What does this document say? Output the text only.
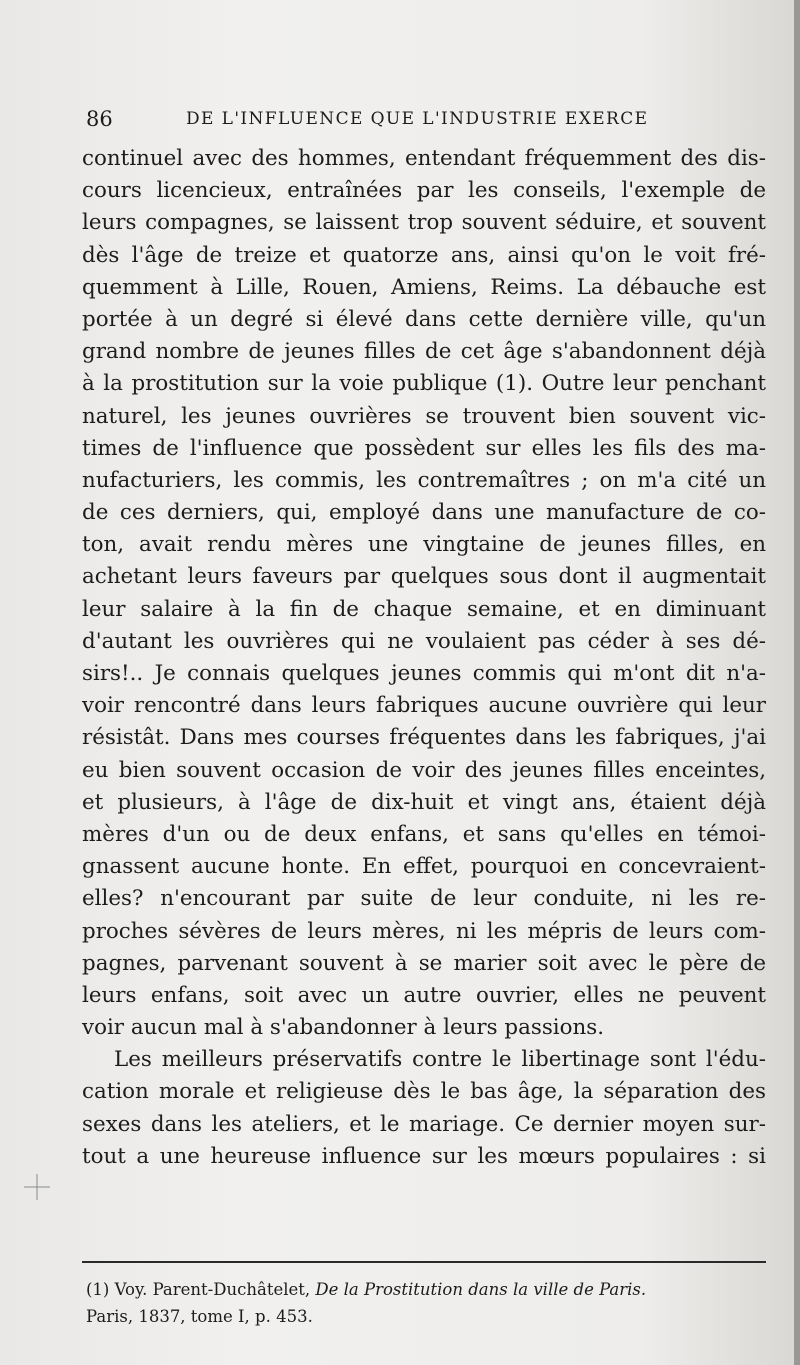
86	DE L'INFLUENCE QUE L'INDUSTRIE EXERCE
continuel avec des hommes, entendant fréquemment des dis-
cours licencieux, entraînées par les conseils, l'exemple de
leurs compagnes, se laissent trop souvent séduire, et souvent
dès l'âge de treize et quatorze ans, ainsi qu'on le voit fré-
quemment à Lille, Rouen, Amiens, Reims. La débauche est
portée à un degré si élevé dans cette dernière ville, qu'un
grand nombre de jeunes filles de cet âge s'abandonnent déjà
à la prostitution sur la voie publique (1). Outre leur penchant
naturel, les jeunes ouvrières se trouvent bien souvent vic-
times de l'influence que possèdent sur elles les fils des ma-
nufacturiers, les commis, les contremaîtres ; on m'a cité un
de ces derniers, qui, employé dans une manufacture de co-
ton, avait rendu mères une vingtaine de jeunes filles, en
achetant leurs faveurs par quelques sous dont il augmentait
leur salaire à la fin de chaque semaine, et en diminuant
d'autant les ouvrières qui ne voulaient pas céder à ses dé-
sirs!.. Je connais quelques jeunes commis qui m'ont dit n'a-
voir rencontré dans leurs fabriques aucune ouvrière qui leur
résistât. Dans mes courses fréquentes dans les fabriques, j'ai
eu bien souvent occasion de voir des jeunes filles enceintes,
et plusieurs, à l'âge de dix-huit et vingt ans, étaient déjà
mères d'un ou de deux enfans, et sans qu'elles en témoi-
gnassent aucune honte. En effet, pourquoi en concevraient-
elles? n'encourant par suite de leur conduite, ni les re-
proches sévères de leurs mères, ni les mépris de leurs com-
pagnes, parvenant souvent à se marier soit avec le père de
leurs enfans, soit avec un autre ouvrier, elles ne peuvent
voir aucun mal à s'abandonner à leurs passions.
Les meilleurs préservatifs contre le libertinage sont l'édu-
cation morale et religieuse dès le bas âge, la séparation des
sexes dans les ateliers, et le mariage. Ce dernier moyen sur-
tout a une heureuse influence sur les mœurs populaires : si
(1) Voy. Parent-Duchâtelet, De la Prostitution dans la ville de Paris.
Paris, 1837, tome I, p. 453.
